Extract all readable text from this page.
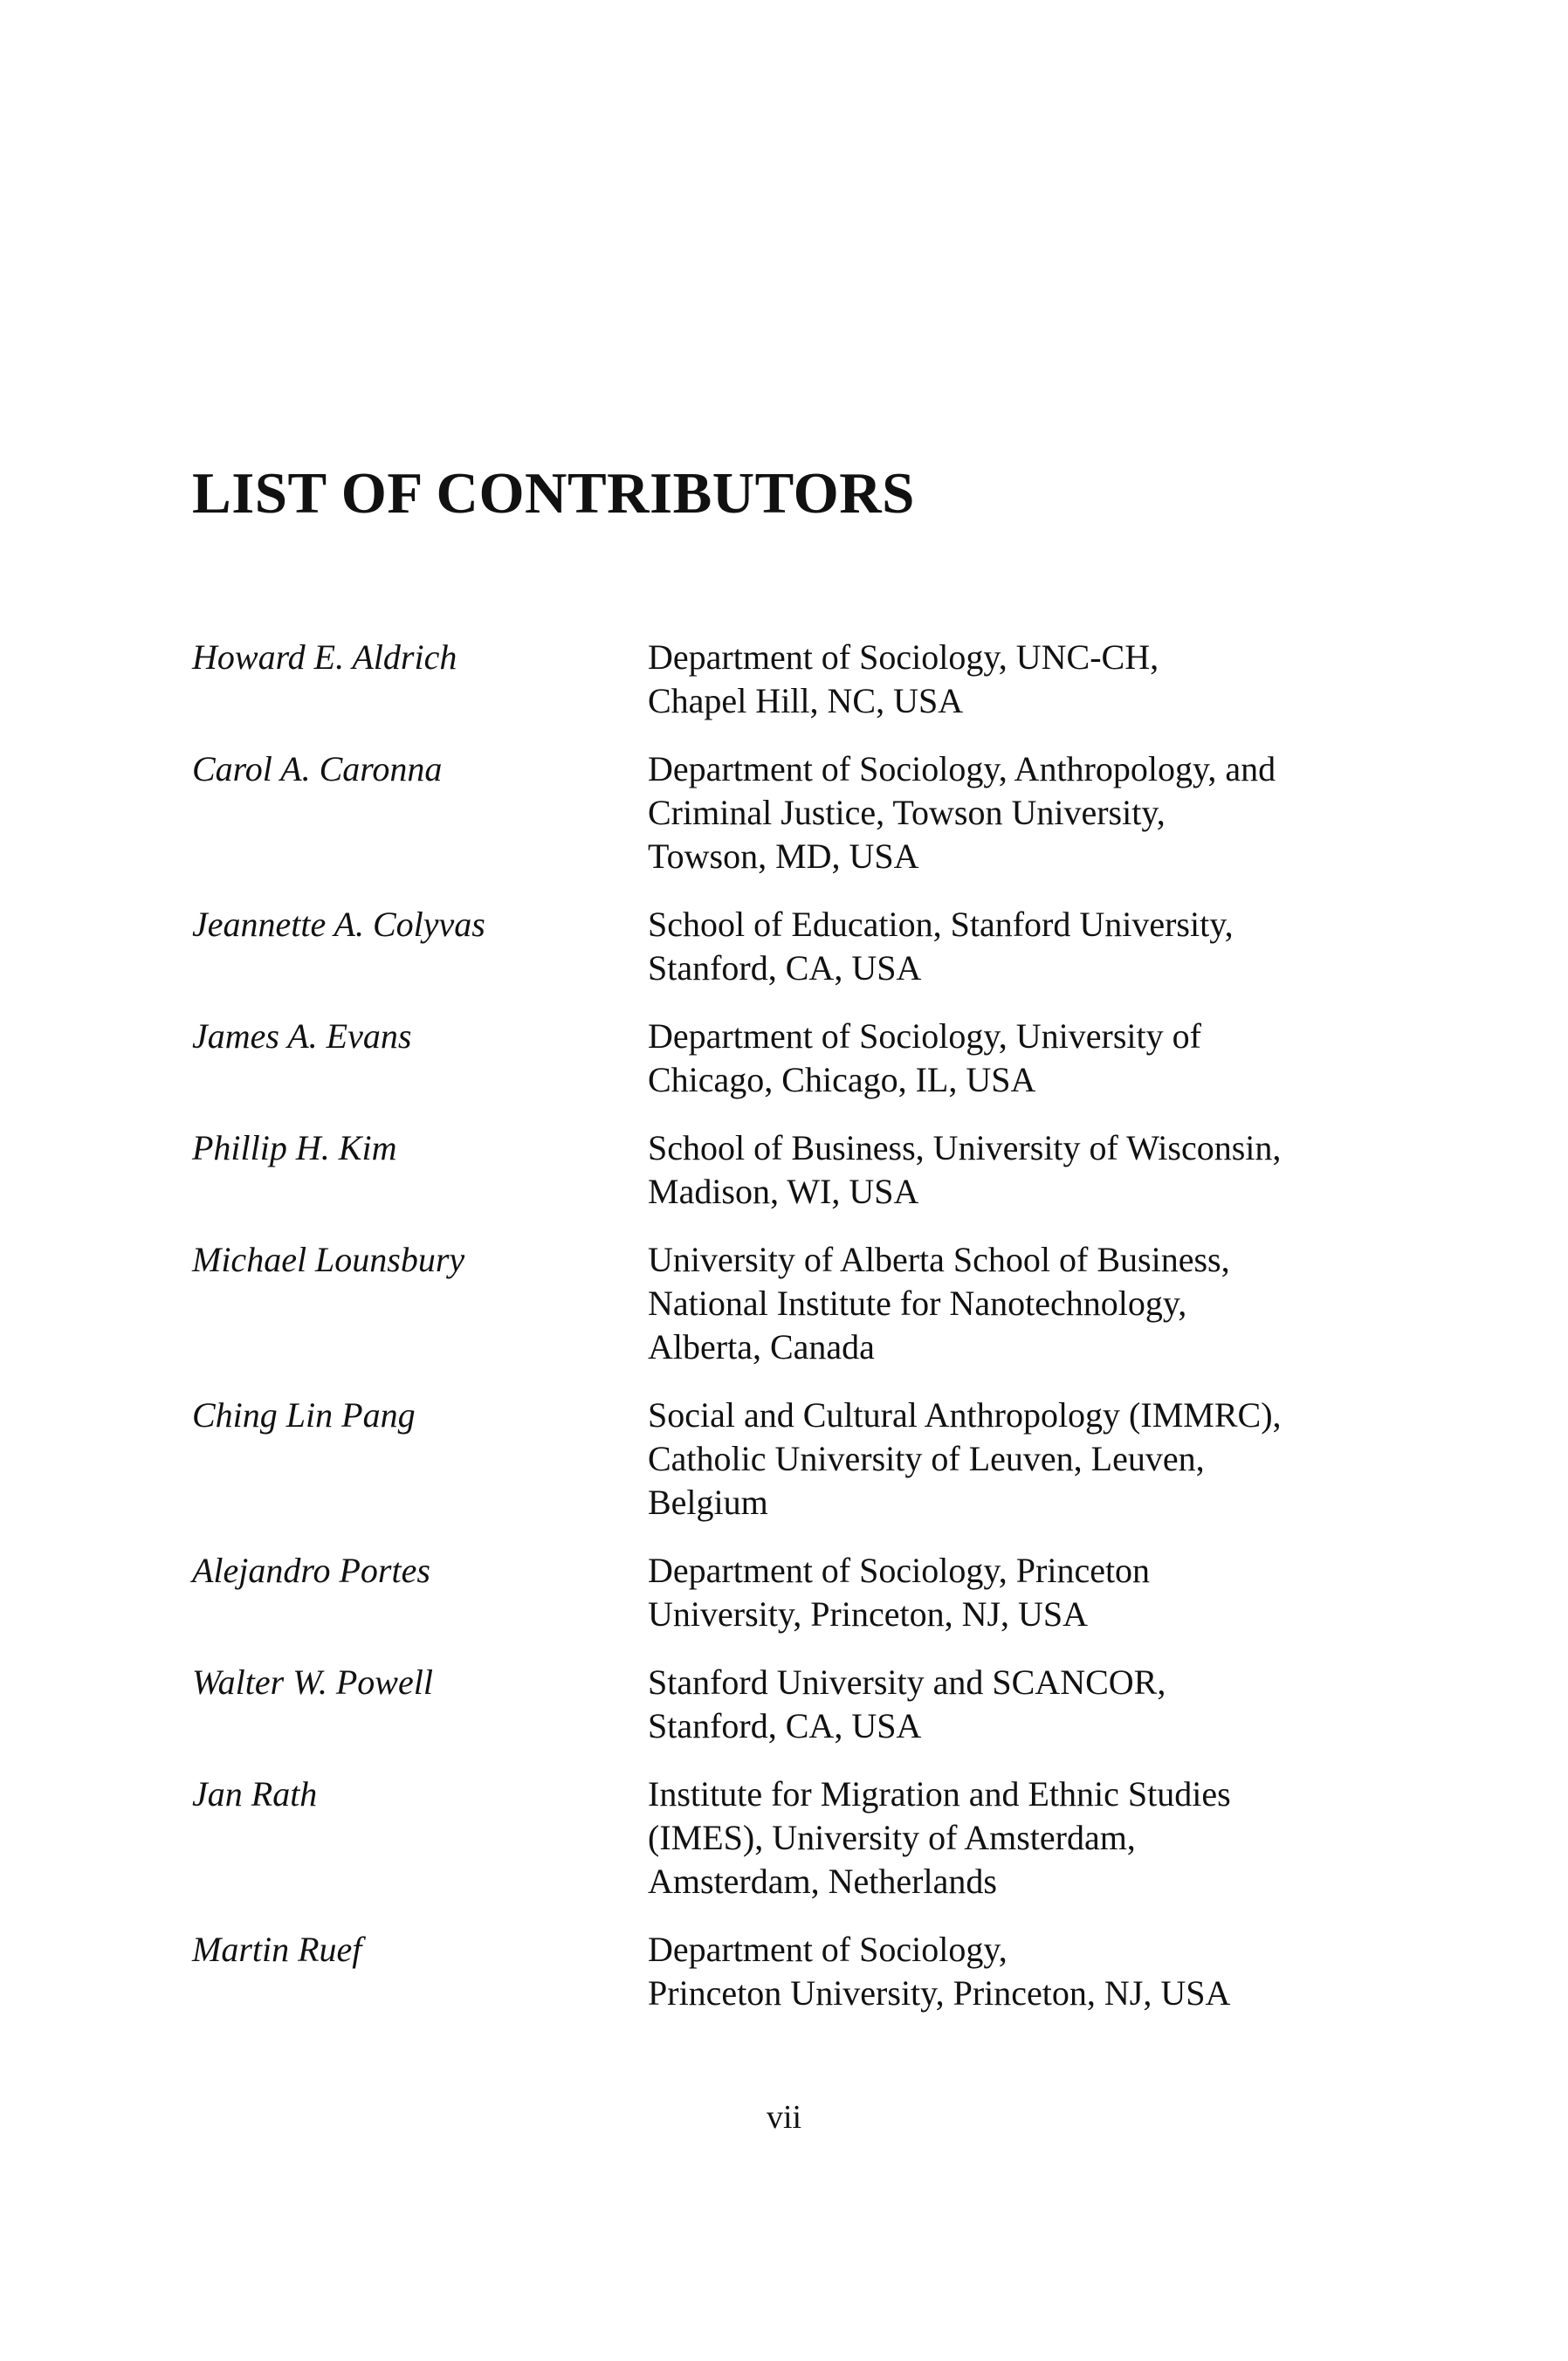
LIST OF CONTRIBUTORS
Howard E. Aldrich	Department of Sociology, UNC-CH,
Chapel Hill, NC, USA
Carol A. Caronna	Department of Sociology, Anthropology, and
Criminal Justice, Towson University,
Towson, MD, USA
Jeannette A. Colyvas	School of Education, Stanford University,
Stanford, CA, USA
James A. Evans	Department of Sociology, University of
Chicago, Chicago, IL, USA
Phillip H. Kim	School of Business, University of Wisconsin,
Madison, WI, USA
Michael Lounsbury	University of Alberta School of Business,
National Institute for Nanotechnology,
Alberta, Canada
Ching Lin Pang	Social and Cultural Anthropology (IMMRC),
Catholic University of Leuven, Leuven,
Belgium
Alejandro Portes	Department of Sociology, Princeton
University, Princeton, NJ, USA
Walter W. Powell	Stanford University and SCANCOR,
Stanford, CA, USA
Jan Rath	Institute for Migration and Ethnic Studies
(IMES), University of Amsterdam,
Amsterdam, Netherlands
Martin Ruef	Department of Sociology,
Princeton University, Princeton, NJ, USA
vii
